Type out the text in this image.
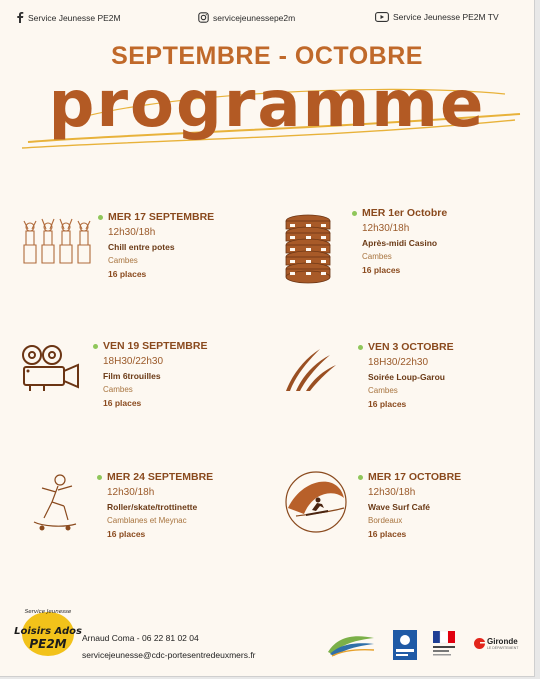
Service Jeunesse PE2M	servicejeunessepe2m	Service Jeunesse PE2M TV
SEPTEMBRE - OCTOBRE
programme
MER 17 SEPTEMBRE
12h30/18h
Chill entre potes
Cambes
16 places
MER 1er Octobre
12h30/18h
Après-midi Casino
Cambes
16 places
VEN 19 SEPTEMBRE
18H30/22h30
Film 6trouilles
Cambes
16 places
VEN 3 OCTOBRE
18H30/22h30
Soirée Loup-Garou
Cambes
16 places
MER 24 SEPTEMBRE
12h30/18h
Roller/skate/trottinette
Camblanes et Meynac
16 places
MER 17 OCTOBRE
12h30/18h
Wave Surf Café
Bordeaux
16 places
Service Jeunesse
Loisirs Ados
PE2M Arnaud Coma - 06 22 81 02 04
servicejeunesse@cdc-portesentredeuxmers.fr
Gironde
LE DÉPARTEMENT
